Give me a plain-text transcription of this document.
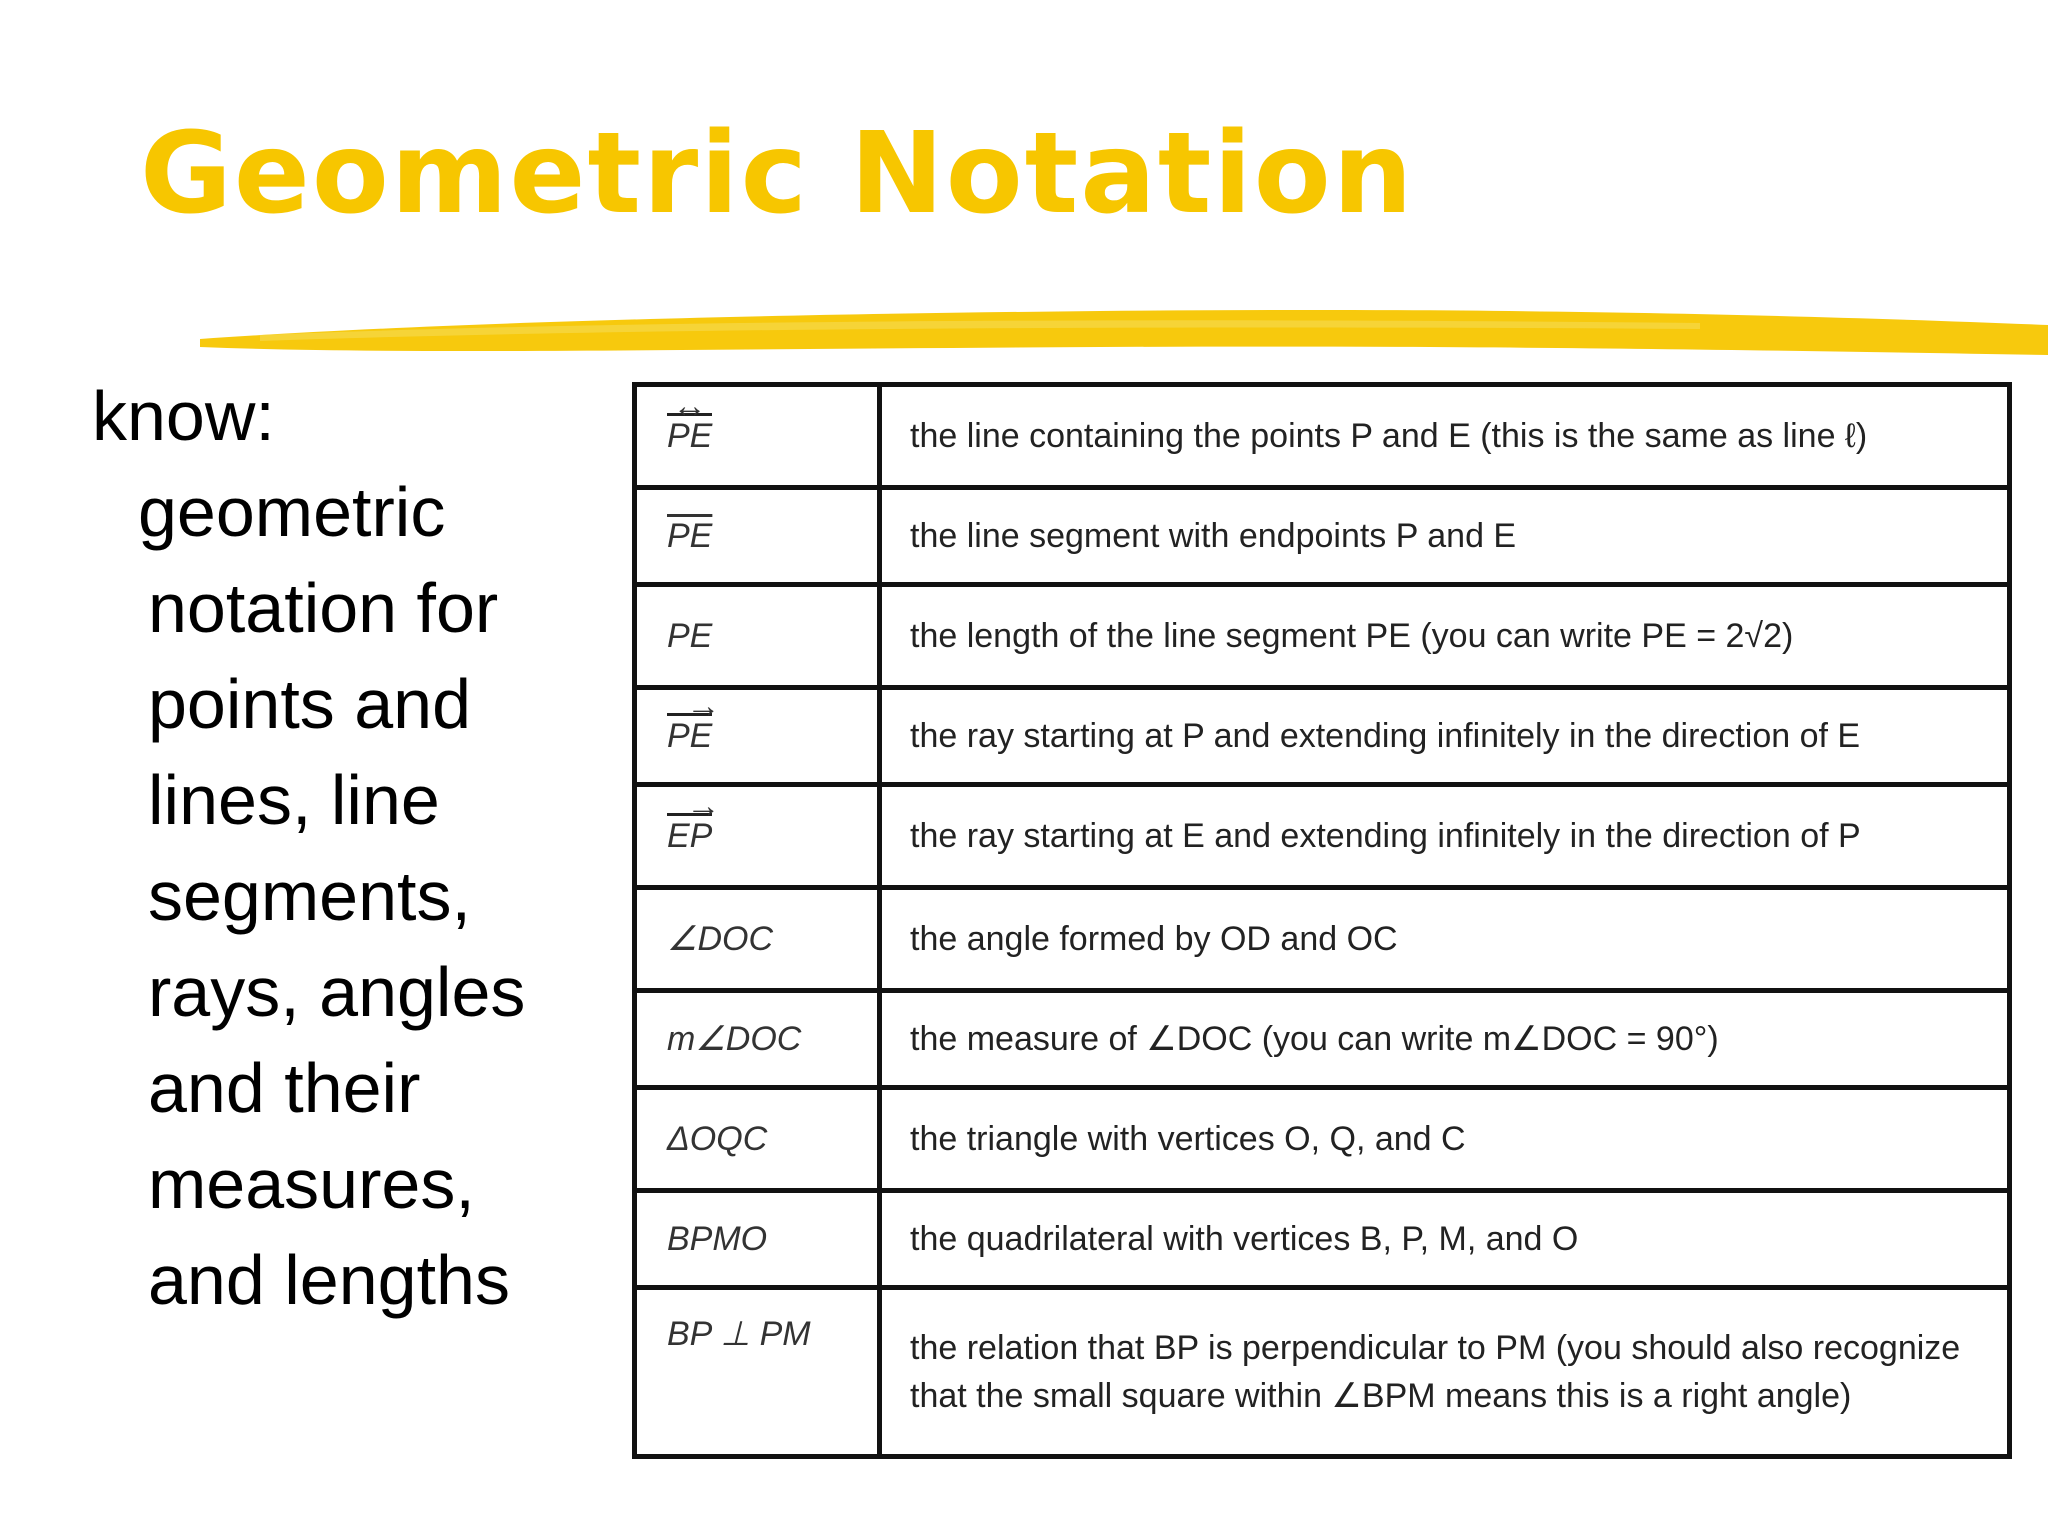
Geometric Notation
know:
geometric
notation for
points and
lines, line
segments,
rays, angles
and their
measures,
and lengths
PE ↔	the line containing the points P and E (this is the same as line ℓ)
$\overline{PE}$	the line segment with endpoints P and E
PE	the length of the line segment PE (you can write PE = 2√2)
PE →	the ray starting at P and extending infinitely in the direction of E
EP →	the ray starting at E and extending infinitely in the direction of P
∠DOC	the angle formed by OD and OC
m∠DOC	the measure of ∠DOC (you can write m∠DOC = 90°)
ΔOQC	the triangle with vertices O, Q, and C
BPMO	the quadrilateral with vertices B, P, M, and O
BP ⊥ PM	the relation that BP is perpendicular to PM (you should also recognize that the small square within ∠BPM means this is a right angle)
